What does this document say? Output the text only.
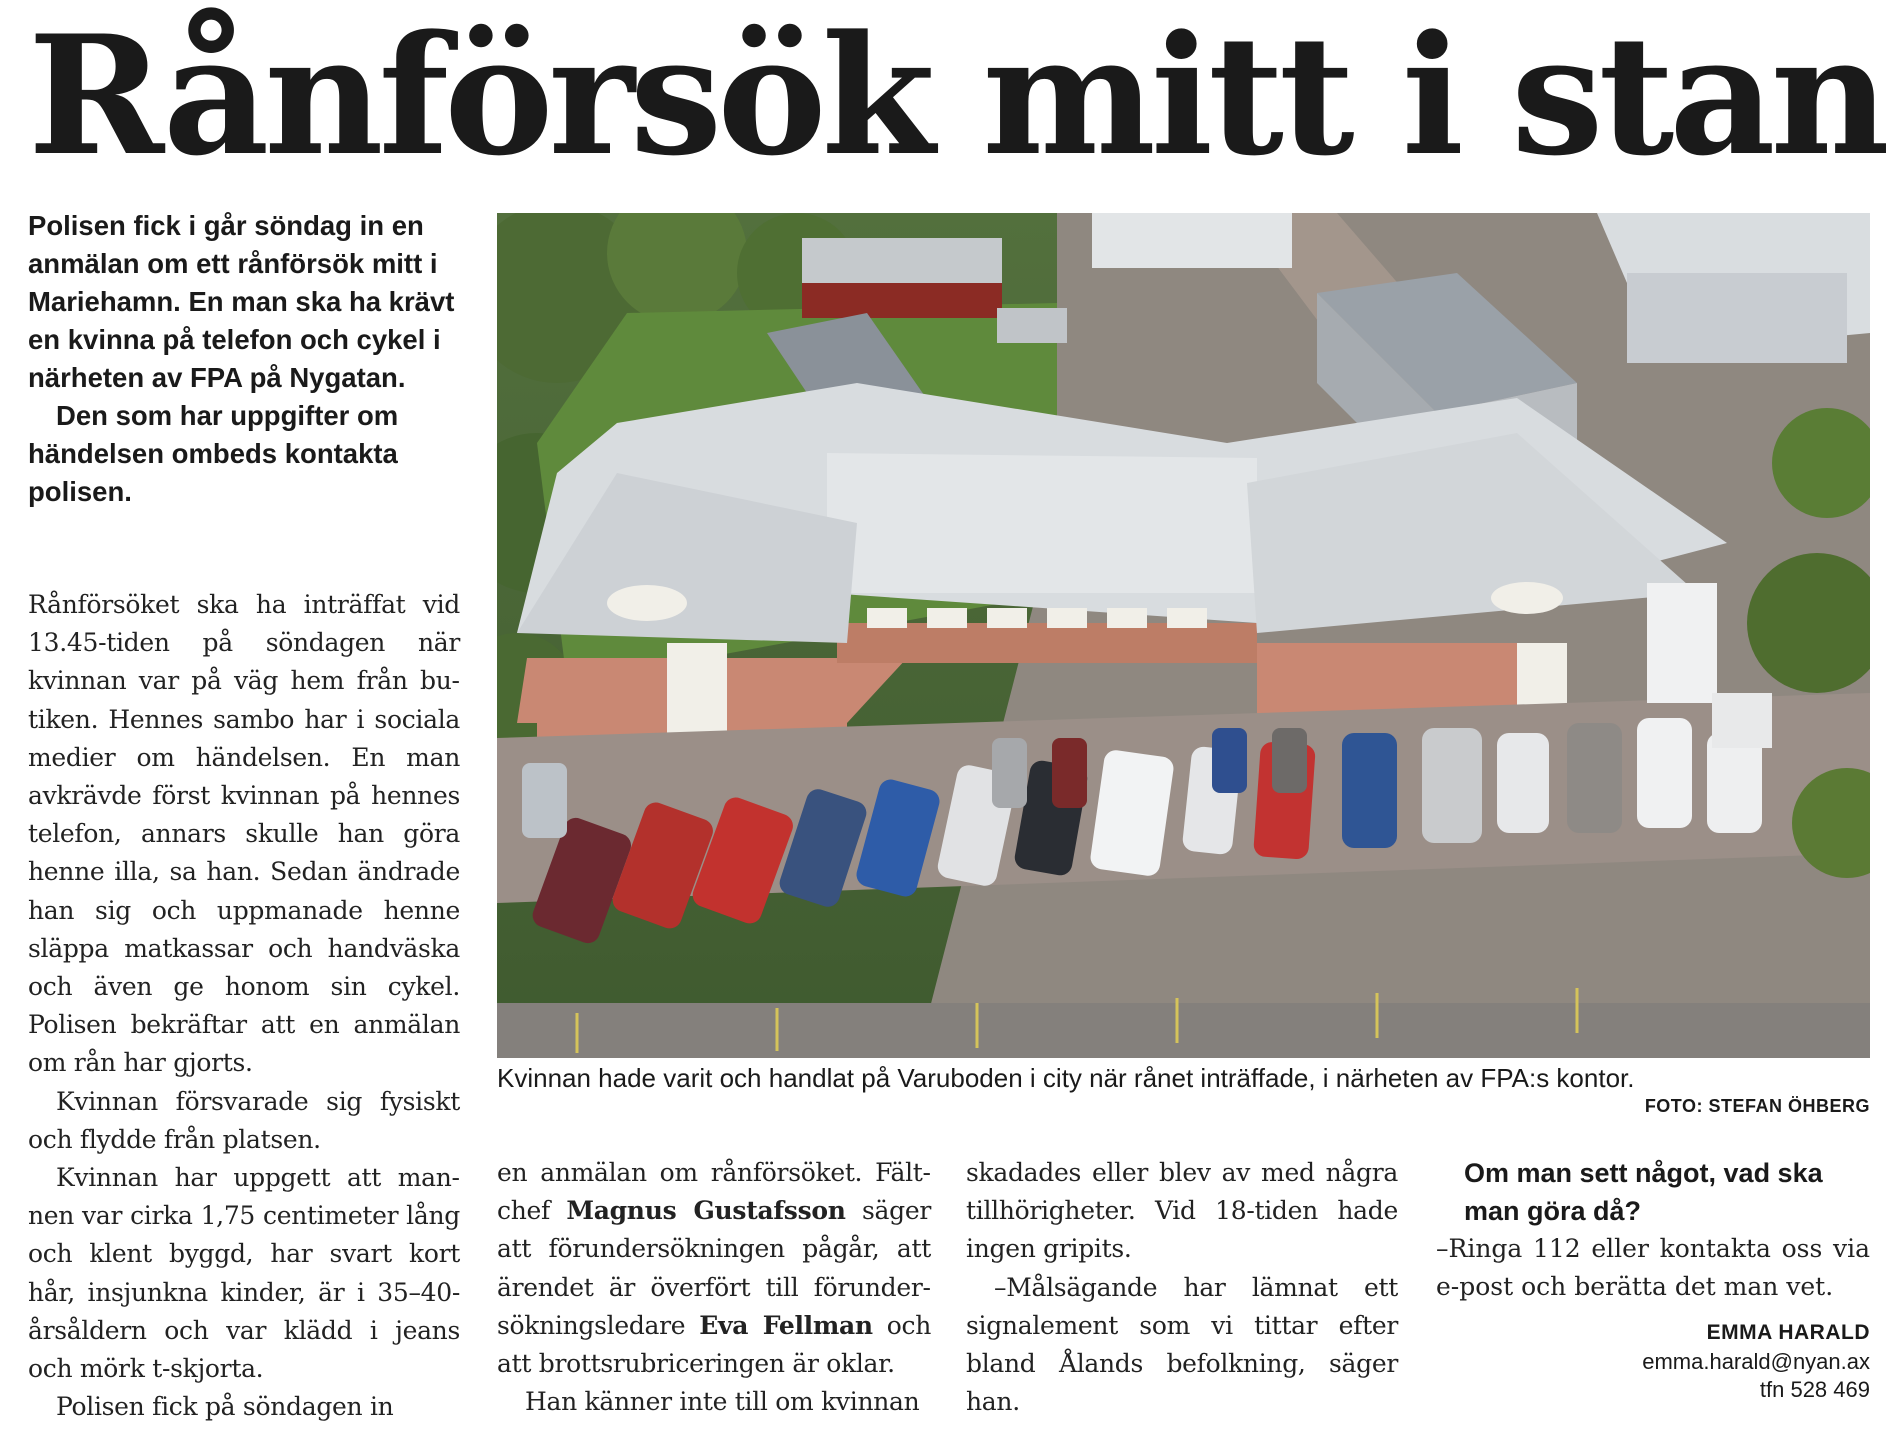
Rånförsök mitt i stan

Polisen fick i går söndag in en anmälan om ett rånförsök mitt i Mariehamn. En man ska ha krävt en kvinna på telefon och cykel i närheten av FPA på Nygatan.

Den som har uppgifter om händelsen ombeds kontakta polisen.

Rånförsöket ska ha inträffat vid 13.45-tiden på söndagen när kvinnan var på väg hem från butiken. Hennes sambo har i sociala medier om händelsen. En man avkrävde först kvinnan på hennes telefon, annars skulle han göra henne illa, sa han. Sedan ändrade han sig och uppmanade henne släppa matkassar och handväska och även ge honom sin cykel. Polisen bekräftar att en anmälan om rån har gjorts.

Kvinnan försvarade sig fysiskt och flydde från platsen.

Kvinnan har uppgett att mannen var cirka 1,75 centimeter lång och klent byggd, har svart kort hår, insjunkna kinder, är i 35–40-årsåldern och var klädd i jeans och mörk t-skjorta.

Polisen fick på söndagen in

en anmälan om rånförsöket. Fältchef Magnus Gustafsson säger att förundersökningen pågår, att ärendet är överfört till förundersökningsledare Eva Fellman och att brottsrubriceringen är oklar.

Han känner inte till om kvinnan

skadades eller blev av med några tillhörigheter. Vid 18-tiden hade ingen gripits.

–Målsägande har lämnat ett signalement som vi tittar efter bland Ålands befolkning, säger han.

Om man sett något, vad ska man göra då?
–Ringa 112 eller kontakta oss via e-post och berätta det man vet.
EMMA HARALD
emma.harald@nyan.ax
tfn 528 469
Kvinnan hade varit och handlat på Varuboden i city när rånet inträffade, i närheten av FPA:s kontor.
FOTO: STEFAN ÖHBERG
